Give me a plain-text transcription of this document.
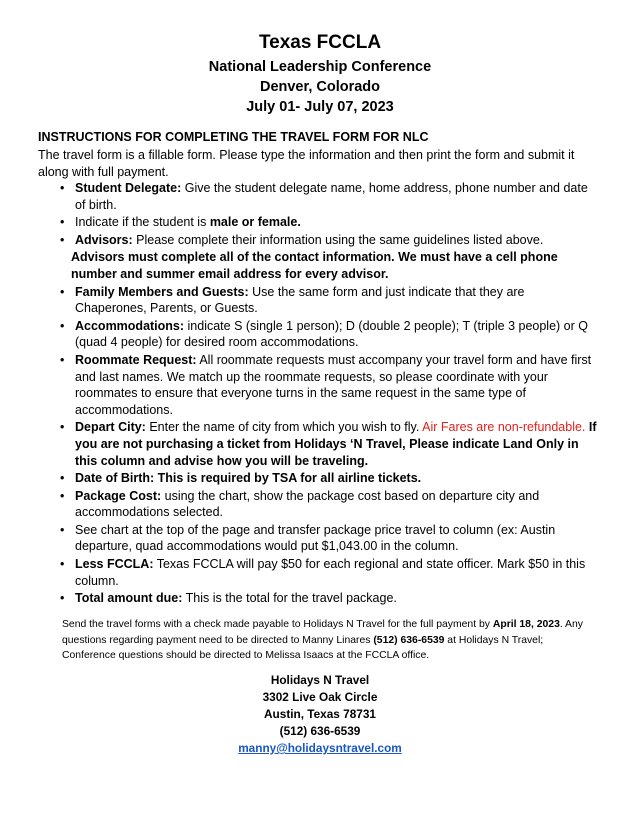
Texas FCCLA
National Leadership Conference
Denver, Colorado
July 01- July 07, 2023
INSTRUCTIONS FOR COMPLETING THE TRAVEL FORM FOR NLC
The travel form is a fillable form. Please type the information and then print the form and submit it along with full payment.
• Student Delegate: Give the student delegate name, home address, phone number and date of birth.
• Indicate if the student is male or female.
• Advisors: Please complete their information using the same guidelines listed above.
Advisors must complete all of the contact information. We must have a cell phone number and summer email address for every advisor.
• Family Members and Guests: Use the same form and just indicate that they are Chaperones, Parents, or Guests.
• Accommodations: indicate S (single 1 person); D (double 2 people); T (triple 3 people) or Q (quad 4 people) for desired room accommodations.
• Roommate Request: All roommate requests must accompany your travel form and have first and last names. We match up the roommate requests, so please coordinate with your roommates to ensure that everyone turns in the same request in the same type of accommodations.
• Depart City: Enter the name of city from which you wish to fly. Air Fares are non-refundable. If you are not purchasing a ticket from Holidays ‘N Travel, Please indicate Land Only in this column and advise how you will be traveling.
• Date of Birth: This is required by TSA for all airline tickets.
• Package Cost: using the chart, show the package cost based on departure city and accommodations selected.
• See chart at the top of the page and transfer package price travel to column (ex: Austin departure, quad accommodations would put $1,043.00 in the column.
• Less FCCLA: Texas FCCLA will pay $50 for each regional and state officer. Mark $50 in this column.
• Total amount due: This is the total for the travel package.
Send the travel forms with a check made payable to Holidays N Travel for the full payment by April 18, 2023. Any questions regarding payment need to be directed to Manny Linares (512) 636-6539 at Holidays N Travel; Conference questions should be directed to Melissa Isaacs at the FCCLA office.
Holidays N Travel
3302 Live Oak Circle
Austin, Texas 78731
(512) 636-6539
manny@holidaysntravel.com
